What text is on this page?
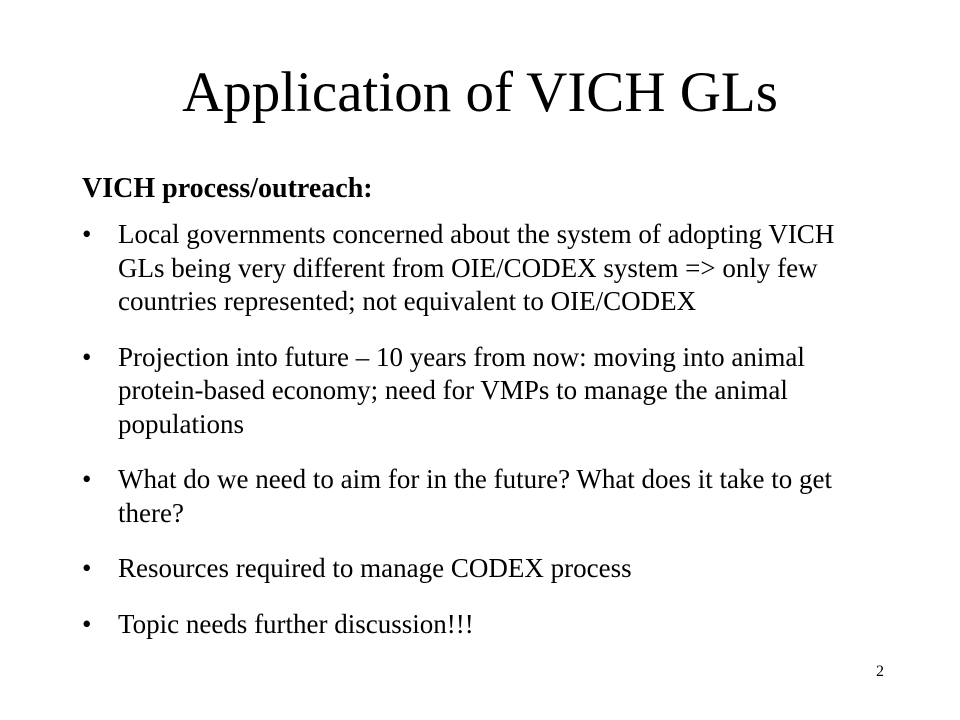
Application of VICH GLs

VICH process/outreach:

• Local governments concerned about the system of adopting VICH GLs being very different from OIE/CODEX system => only few countries represented; not equivalent to OIE/CODEX
• Projection into future – 10 years from now: moving into animal protein-based economy; need for VMPs to manage the animal populations
• What do we need to aim for in the future? What does it take to get there?
• Resources required to manage CODEX process
• Topic needs further discussion!!!
2
